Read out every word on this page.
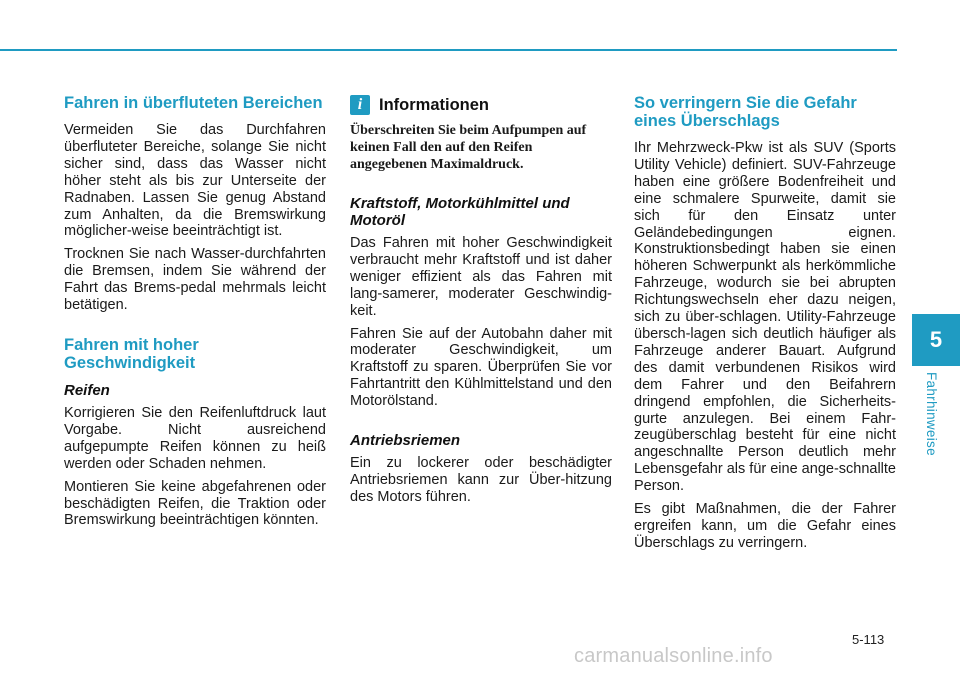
Fahren in überfluteten Bereichen

Vermeiden Sie das Durchfahren überfluteter Bereiche, solange Sie nicht sicher sind, dass das Wasser nicht höher steht als bis zur Unterseite der Radnaben. Lassen Sie genug Abstand zum Anhalten, da die Bremswirkung möglicher-weise beeinträchtigt ist.

Trocknen Sie nach Wasser-durchfahrten die Bremsen, indem Sie während der Fahrt das Brems-pedal mehrmals leicht betätigen.

Fahren mit hoher Geschwindigkeit
Reifen

Korrigieren Sie den Reifenluftdruck laut Vorgabe. Nicht ausreichend aufgepumpte Reifen können zu heiß werden oder Schaden nehmen.

Montieren Sie keine abgefahrenen oder beschädigten Reifen, die Traktion oder Bremswirkung beeinträchtigen könnten.

i	Informationen

Überschreiten Sie beim Aufpumpen auf keinen Fall den auf den Reifen angegebenen Maximaldruck.

Kraftstoff, Motorkühlmittel und Motoröl

Das Fahren mit hoher Geschwindigkeit verbraucht mehr Kraftstoff und ist daher weniger effizient als das Fahren mit lang-samerer, moderater Geschwindig-keit.

Fahren Sie auf der Autobahn daher mit moderater Geschwindigkeit, um Kraftstoff zu sparen. Überprüfen Sie vor Fahrtantritt den Kühlmittelstand und den Motorölstand.

Antriebsriemen

Ein zu lockerer oder beschädigter Antriebsriemen kann zur Über-hitzung des Motors führen.

So verringern Sie die Gefahr eines Überschlags

Ihr Mehrzweck-Pkw ist als SUV (Sports Utility Vehicle) definiert. SUV-Fahrzeuge haben eine größere Bodenfreiheit und eine schmalere Spurweite, damit sie sich für den Einsatz unter Geländebedingungen eignen. Konstruktionsbedingt haben sie einen höheren Schwerpunkt als herkömmliche Fahrzeuge, wodurch sie bei abrupten Richtungswechseln eher dazu neigen, sich zu über-schlagen. Utility-Fahrzeuge übersch-lagen sich deutlich häufiger als Fahrzeuge anderer Bauart. Aufgrund des damit verbundenen Risikos wird dem Fahrer und den Beifahrern dringend empfohlen, die Sicherheits-gurte anzulegen. Bei einem Fahr-zeugüberschlag besteht für eine nicht angeschnallte Person deutlich mehr Lebensgefahr als für eine ange-schnallte Person.

Es gibt Maßnahmen, die der Fahrer ergreifen kann, um die Gefahr eines Überschlags zu verringern.

5
Fahrhinweise
5-113
carmanualsonline.info
